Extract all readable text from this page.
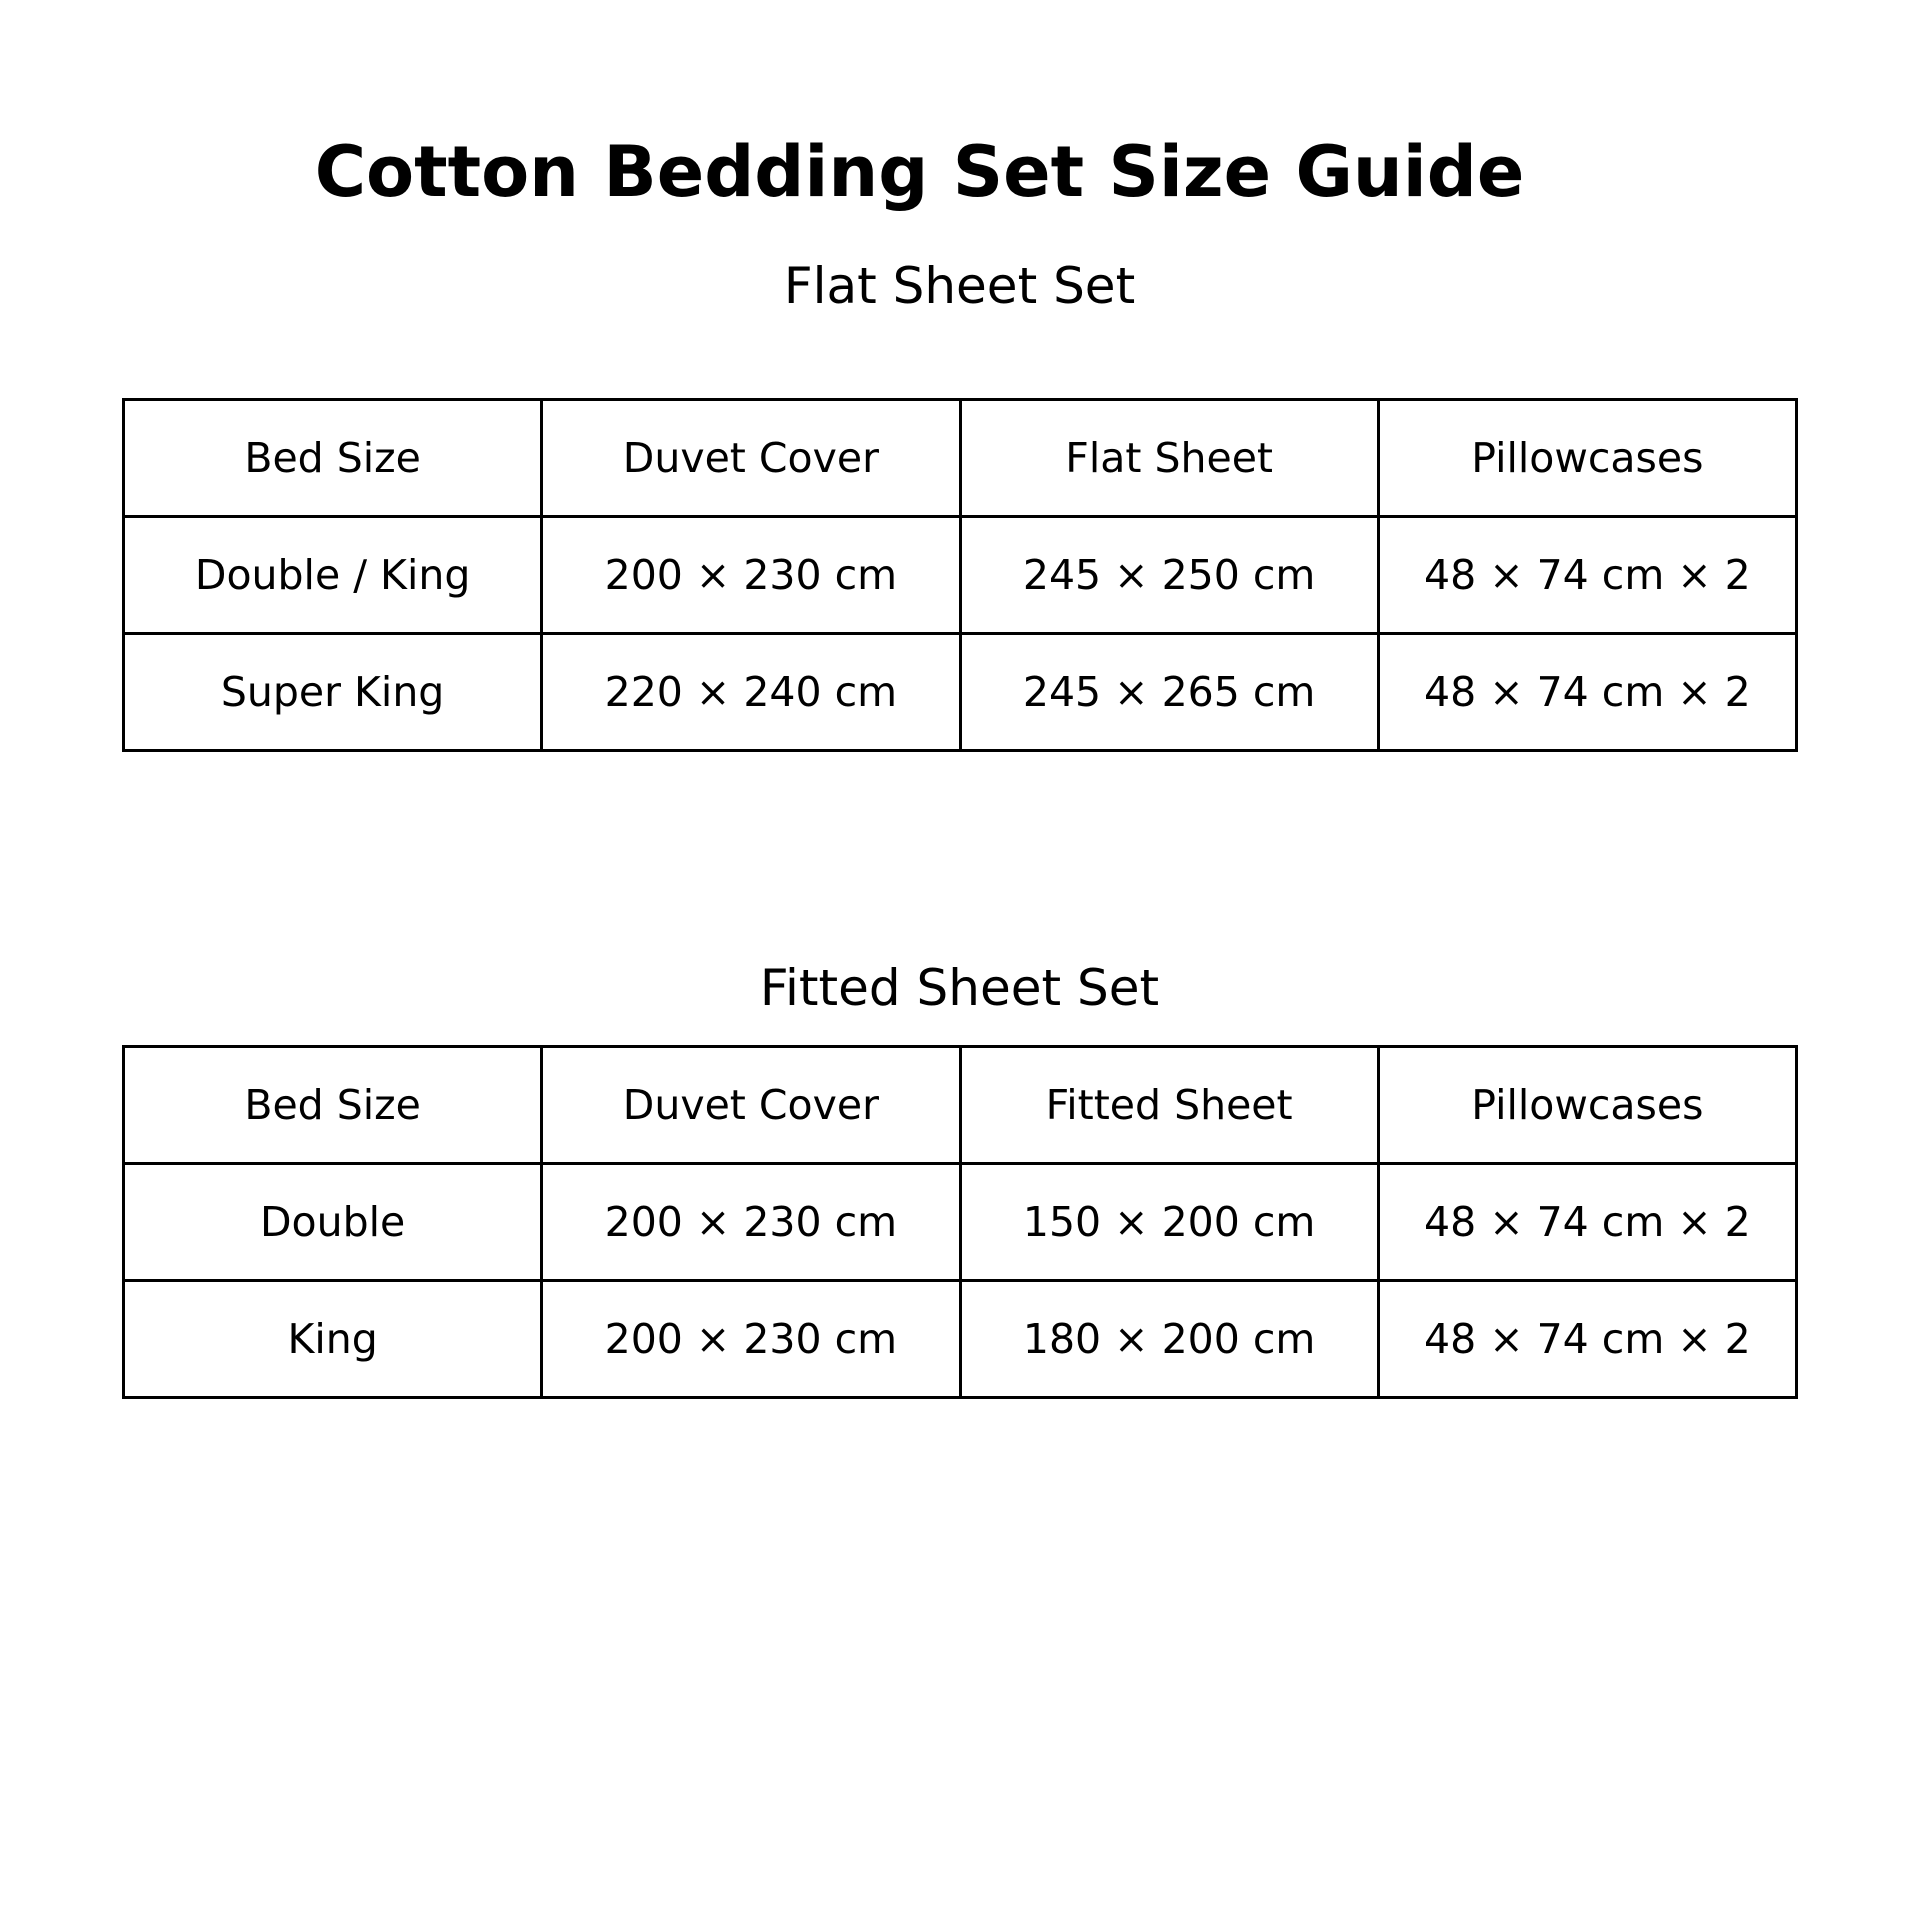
Cotton Bedding Set Size Guide
Flat Sheet Set
Bed Size	Duvet Cover	Flat Sheet	Pillowcases
Double / King	200 × 230 cm	245 × 250 cm	48 × 74 cm × 2
Super King	220 × 240 cm	245 × 265 cm	48 × 74 cm × 2
Fitted Sheet Set
Bed Size	Duvet Cover	Fitted Sheet	Pillowcases
Double	200 × 230 cm	150 × 200 cm	48 × 74 cm × 2
King	200 × 230 cm	180 × 200 cm	48 × 74 cm × 2
